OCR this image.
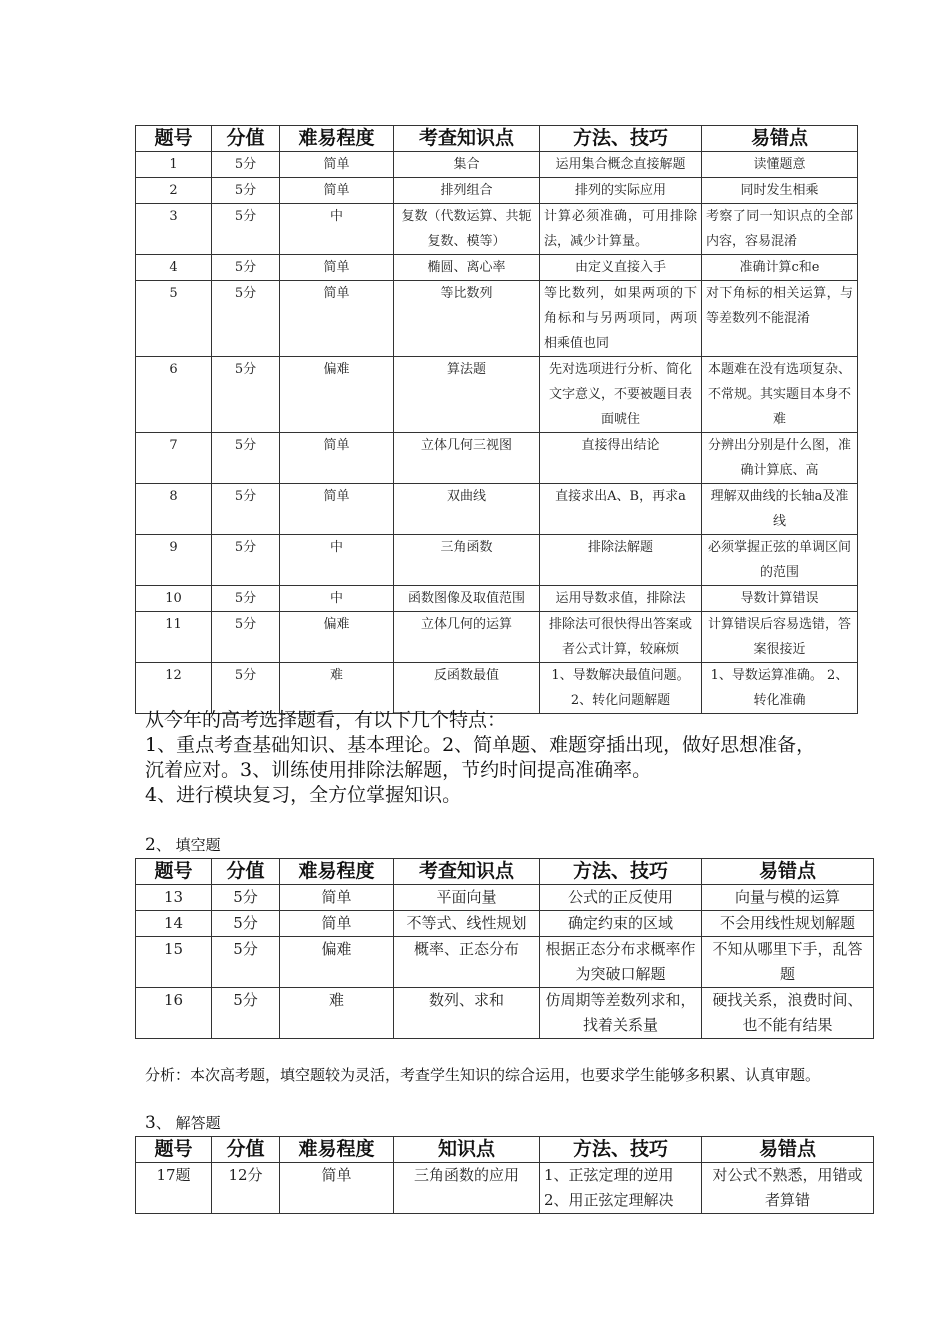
题号	分值	难易程度	考查知识点	方法、技巧	易错点
1	5分	简单	集合	运用集合概念直接解题	读懂题意
2	5分	简单	排列组合	排列的实际应用	同时发生相乘
3	5分	中	复数（代数运算、共轭复数、模等）	计算必须准确，可用排除法，减少计算量。	考察了同一知识点的全部内容，容易混淆
4	5分	简单	椭圆、离心率	由定义直接入手	准确计算c和e
5	5分	简单	等比数列	等比数列，如果两项的下角标和与另两项同，两项相乘值也同	对下角标的相关运算，与等差数列不能混淆
6	5分	偏难	算法题	先对选项进行分析、简化文字意义，不要被题目表面唬住	本题难在没有选项复杂、不常规。其实题目本身不难
7	5分	简单	立体几何三视图	直接得出结论	分辨出分别是什么图，准确计算底、高
8	5分	简单	双曲线	直接求出A、B，再求a	理解双曲线的长轴a及准线
9	5分	中	三角函数	排除法解题	必须掌握正弦的单调区间的范围
10	5分	中	函数图像及取值范围	运用导数求值，排除法	导数计算错误
11	5分	偏难	立体几何的运算	排除法可很快得出答案或者公式计算，较麻烦	计算错误后容易选错，答案很接近
12	5分	难	反函数最值	1、导数解决最值问题。2、转化问题解题	1、导数运算准确。 2、转化准确

从今年的高考选择题看，有以下几个特点：

1、重点考查基础知识、基本理论。2、简单题、难题穿插出现，做好思想准备，沉着应对。3、训练使用排除法解题，节约时间提高准确率。

4、进行模块复习，全方位掌握知识。

2、 填空题
题号	分值	难易程度	考查知识点	方法、技巧	易错点
13	5分	简单	平面向量	公式的正反使用	向量与模的运算
14	5分	简单	不等式、线性规划	确定约束的区域	不会用线性规划解题
15	5分	偏难	概率、正态分布	根据正态分布求概率作为突破口解题	不知从哪里下手，乱答题
16	5分	难	数列、求和	仿周期等差数列求和，找着关系量	硬找关系，浪费时间、也不能有结果
分析：本次高考题，填空题较为灵活，考查学生知识的综合运用，也要求学生能够多积累、认真审题。
3、 解答题
题号	分值	难易程度	知识点	方法、技巧	易错点
17题	12分	简单	三角函数的应用	1、正弦定理的逆用 2、用正弦定理解决	对公式不熟悉，用错或者算错
